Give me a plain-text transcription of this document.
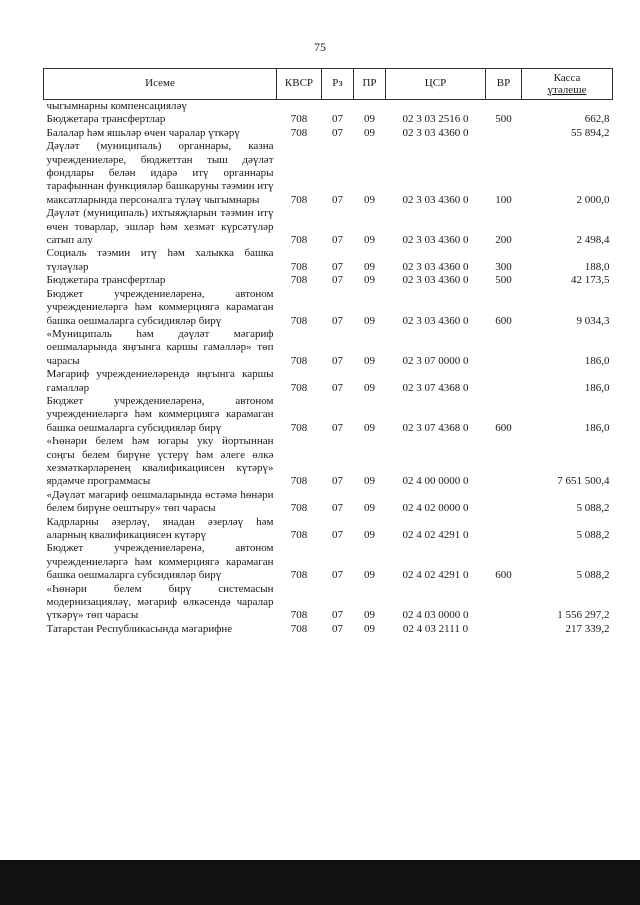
75
Исеме	КВСР	Рз	ПР	ЦСР	ВР	Касса
үтәлеше

чыгымнарны компенсацияләү						
Бюджетара трансфертлар	708	07	09	02 3 03 2516 0	500	662,8
Балалар һәм яшьләр өчен чаралар үткәрү	708	07	09	02 3 03 4360 0		55 894,2
Дәүләт (муниципаль) органнары, казна учреждениеләре, бюджеттан тыш дәүләт фондлары белән идарә итү органнары тарафыннан функцияләр башкаруны тәэмин итү максатларында персоналга түләү чыгымнары	708	07	09	02 3 03 4360 0	100	2 000,0
Дәүләт (муниципаль) ихтыяҗларын тәэмин итү өчен товарлар, эшләр һәм хезмәт күрсәтүләр сатып алу	708	07	09	02 3 03 4360 0	200	2 498,4
Социаль тәэмин итү һәм халыкка башка түләүләр	708	07	09	02 3 03 4360 0	300	188,0
Бюджетара трансфертлар	708	07	09	02 3 03 4360 0	500	42 173,5
Бюджет учреждениеләренә, автоном учреждениеләргә һәм коммерциягә карамаган башка оешмаларга субсидияләр бирү	708	07	09	02 3 03 4360 0	600	9 034,3
«Муниципаль һәм дәүләт мәгариф оешмаларында яңгынга каршы гамәлләр» төп чарасы	708	07	09	02 3 07 0000 0		186,0
Мәгариф учреждениеләрендә яңгынга каршы гамәлләр	708	07	09	02 3 07 4368 0		186,0
Бюджет учреждениеләренә, автоном учреждениеләргә һәм коммерциягә карамаган башка оешмаларга субсидияләр бирү	708	07	09	02 3 07 4368 0	600	186,0
«Һөнәри белем һәм югары уку йортыннан соңгы белем бирүне үстерү һәм әлеге өлкә хезмәткәрләренең квалификациясен күтәрү» ярдәмче программасы	708	07	09	02 4 00 0000 0		7 651 500,4
«Дәүләт мәгариф оешмаларында өстәмә һөнәри белем бирүне оештыру» төп чарасы	708	07	09	02 4 02 0000 0		5 088,2
Кадрларны әзерләү, янадан әзерләү һәм аларның квалификациясен күтәрү	708	07	09	02 4 02 4291 0		5 088,2
Бюджет учреждениеләренә, автоном учреждениеләргә һәм коммерциягә карамаган башка оешмаларга субсидияләр бирү	708	07	09	02 4 02 4291 0	600	5 088,2
«Һөнәри белем бирү системасын модернизацияләү, мәгариф өлкәсендә чаралар үткәрү» төп чарасы	708	07	09	02 4 03 0000 0		1 556 297,2
Татарстан Республикасында мәгарифне	708	07	09	02 4 03 2111 0		217 339,2
